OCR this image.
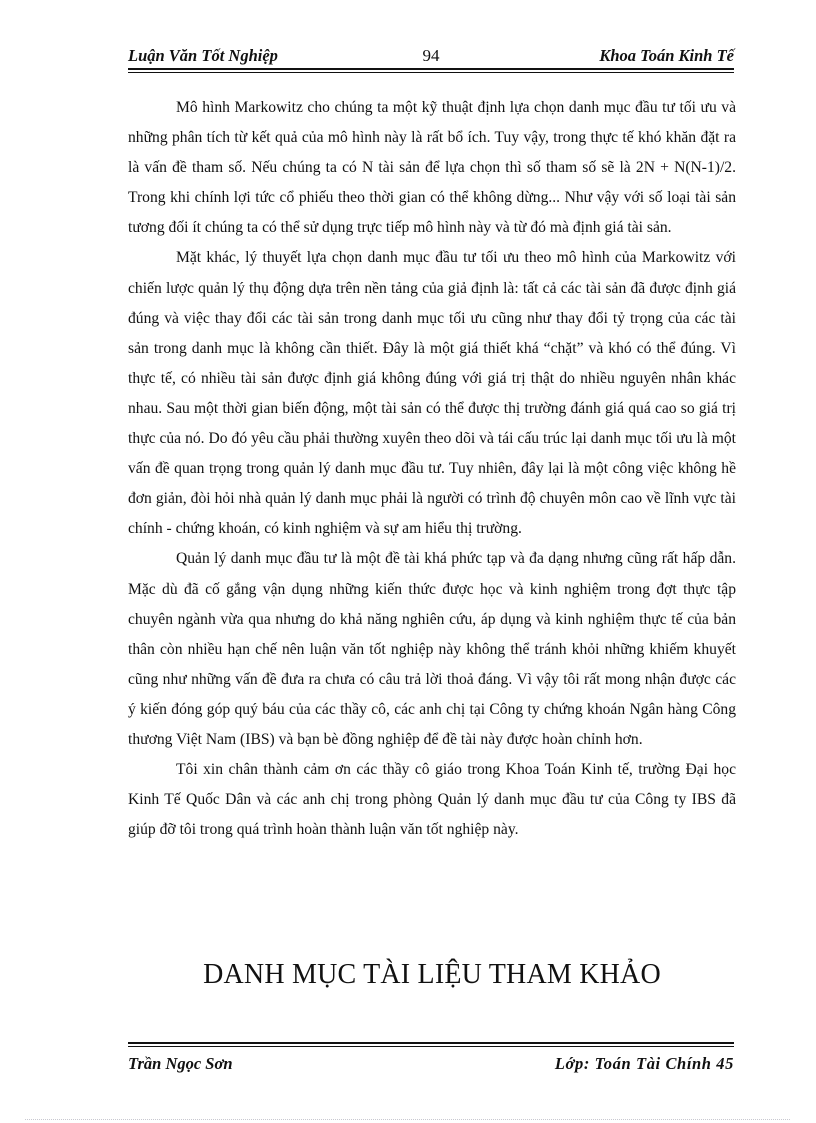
Luận Văn Tốt Nghiệp	94	Khoa Toán Kinh Tế

Mô hình Markowitz cho chúng ta một kỹ thuật định lựa chọn danh mục đầu tư tối ưu và những phân tích từ kết quả của mô hình này là rất bổ ích. Tuy vậy, trong thực tế khó khăn đặt ra là vấn đề tham số. Nếu chúng ta có N tài sản để lựa chọn thì số tham số sẽ là 2N + N(N-1)/2. Trong khi chính lợi tức cổ phiếu theo thời gian có thể không dừng... Như vậy với số loại tài sản tương đối ít chúng ta có thể sử dụng trực tiếp mô hình này và từ đó mà định giá tài sản.

Mặt khác, lý thuyết lựa chọn danh mục đầu tư tối ưu theo mô hình của Markowitz với chiến lược quản lý thụ động dựa trên nền tảng của giả định là: tất cả các tài sản đã được định giá đúng và việc thay đổi các tài sản trong danh mục tối ưu cũng như thay đổi tỷ trọng của các tài sản trong danh mục là không cần thiết. Đây là một giá thiết khá “chặt” và khó có thể đúng. Vì thực tế, có nhiều tài sản được định giá không đúng với giá trị thật do nhiều nguyên nhân khác nhau. Sau một thời gian biến động, một tài sản có thể được thị trường đánh giá quá cao so giá trị thực của nó. Do đó yêu cầu phải thường xuyên theo dõi và tái cấu trúc lại danh mục tối ưu là một vấn đề quan trọng trong quản lý danh mục đầu tư. Tuy nhiên, đây lại là một công việc không hề đơn giản, đòi hỏi nhà quản lý danh mục phải là người có trình độ chuyên môn cao về lĩnh vực tài chính - chứng khoán, có kinh nghiệm và sự am hiểu thị trường.

Quản lý danh mục đầu tư là một đề tài khá phức tạp và đa dạng nhưng cũng rất hấp dẫn. Mặc dù đã cố gắng vận dụng những kiến thức được học và kinh nghiệm trong đợt thực tập chuyên ngành vừa qua nhưng do khả năng nghiên cứu, áp dụng và kinh nghiệm thực tế của bản thân còn nhiều hạn chế nên luận văn tốt nghiệp này không thể tránh khỏi những khiếm khuyết cũng như những vấn đề đưa ra chưa có câu trả lời thoả đáng. Vì vậy tôi rất mong nhận được các ý kiến đóng góp quý báu của các thầy cô, các anh chị tại Công ty chứng khoán Ngân hàng Công thương Việt Nam (IBS) và bạn bè đồng nghiệp để đề tài này được hoàn chỉnh hơn.

Tôi xin chân thành cảm ơn các thầy cô giáo trong Khoa Toán Kinh tế, trường Đại học Kinh Tế Quốc Dân và các anh chị trong phòng Quản lý danh mục đầu tư của Công ty IBS đã giúp đỡ tôi trong quá trình hoàn thành luận văn tốt nghiệp này.

DANH MỤC TÀI LIỆU THAM KHẢO
Trần Ngọc Sơn	Lớp: Toán Tài Chính 45
